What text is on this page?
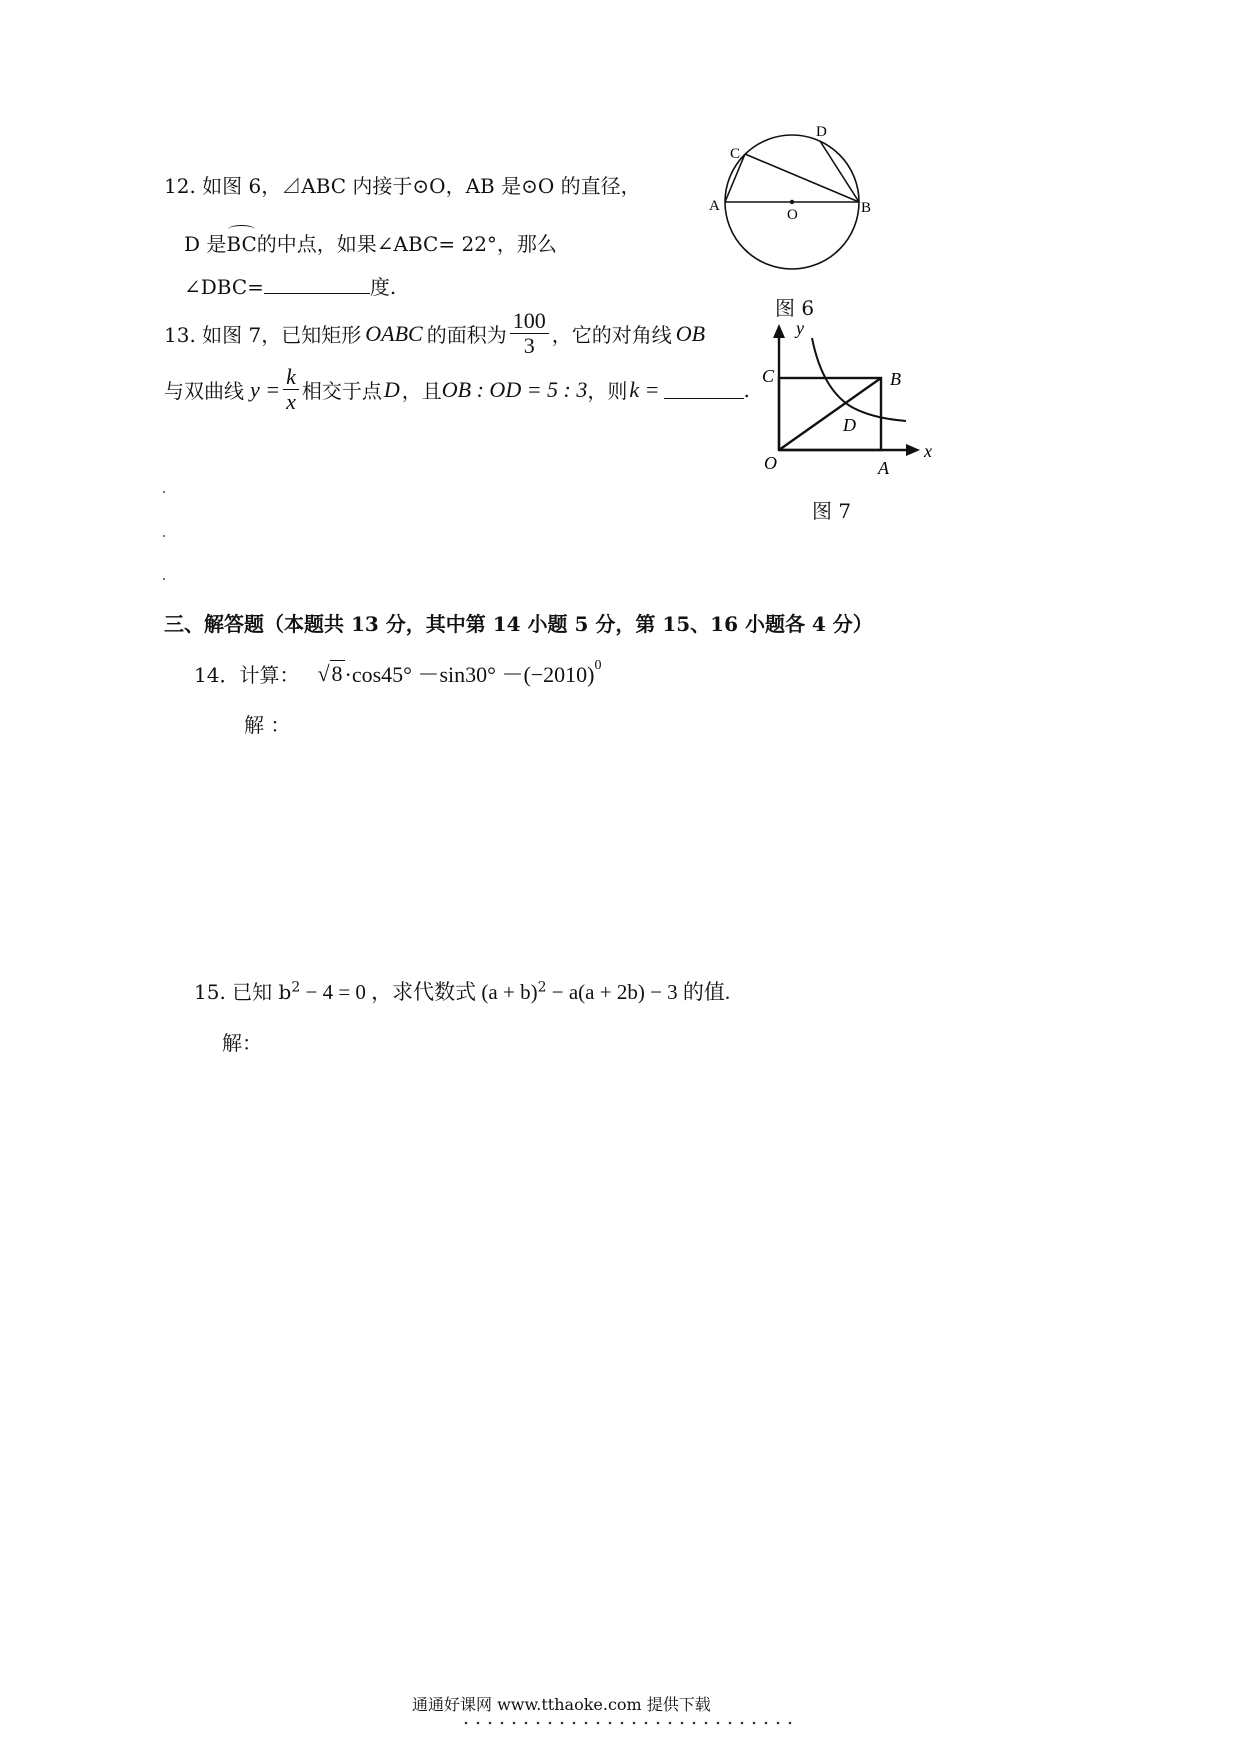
12. 如图 6，⊿ABC 内接于⊙O，AB 是⊙O 的直径，
D 是BC的中点，如果∠ABC= 22°，那么
∠DBC=	度.
A	B
C
D
O
图 6
13. 如图 7，已知矩形 OABC 的面积为 $\frac{100}{3}$ ，它的对角线 OB
与双曲线 $y = \frac{k}{x}$ 相交于点 D ，且 OB : OD = 5 : 3 ，则 k =	.
O	A
B
C
D
x
y
图 7
三、解答题（本题共 13 分，其中第 14 小题 5 分，第 15、16 小题各 4 分）
14．计算： $√8 \cdot\cos 45^\circ -\sin 30^\circ -(-2010)^0$
解 ：
15. 已知 $b^2 - 4 = 0$ ，求代数式 $(a + b)^2 - a(a + 2b) - 3$ 的值.
解：
通通好课网 www.tthaoke.com 提供下载
